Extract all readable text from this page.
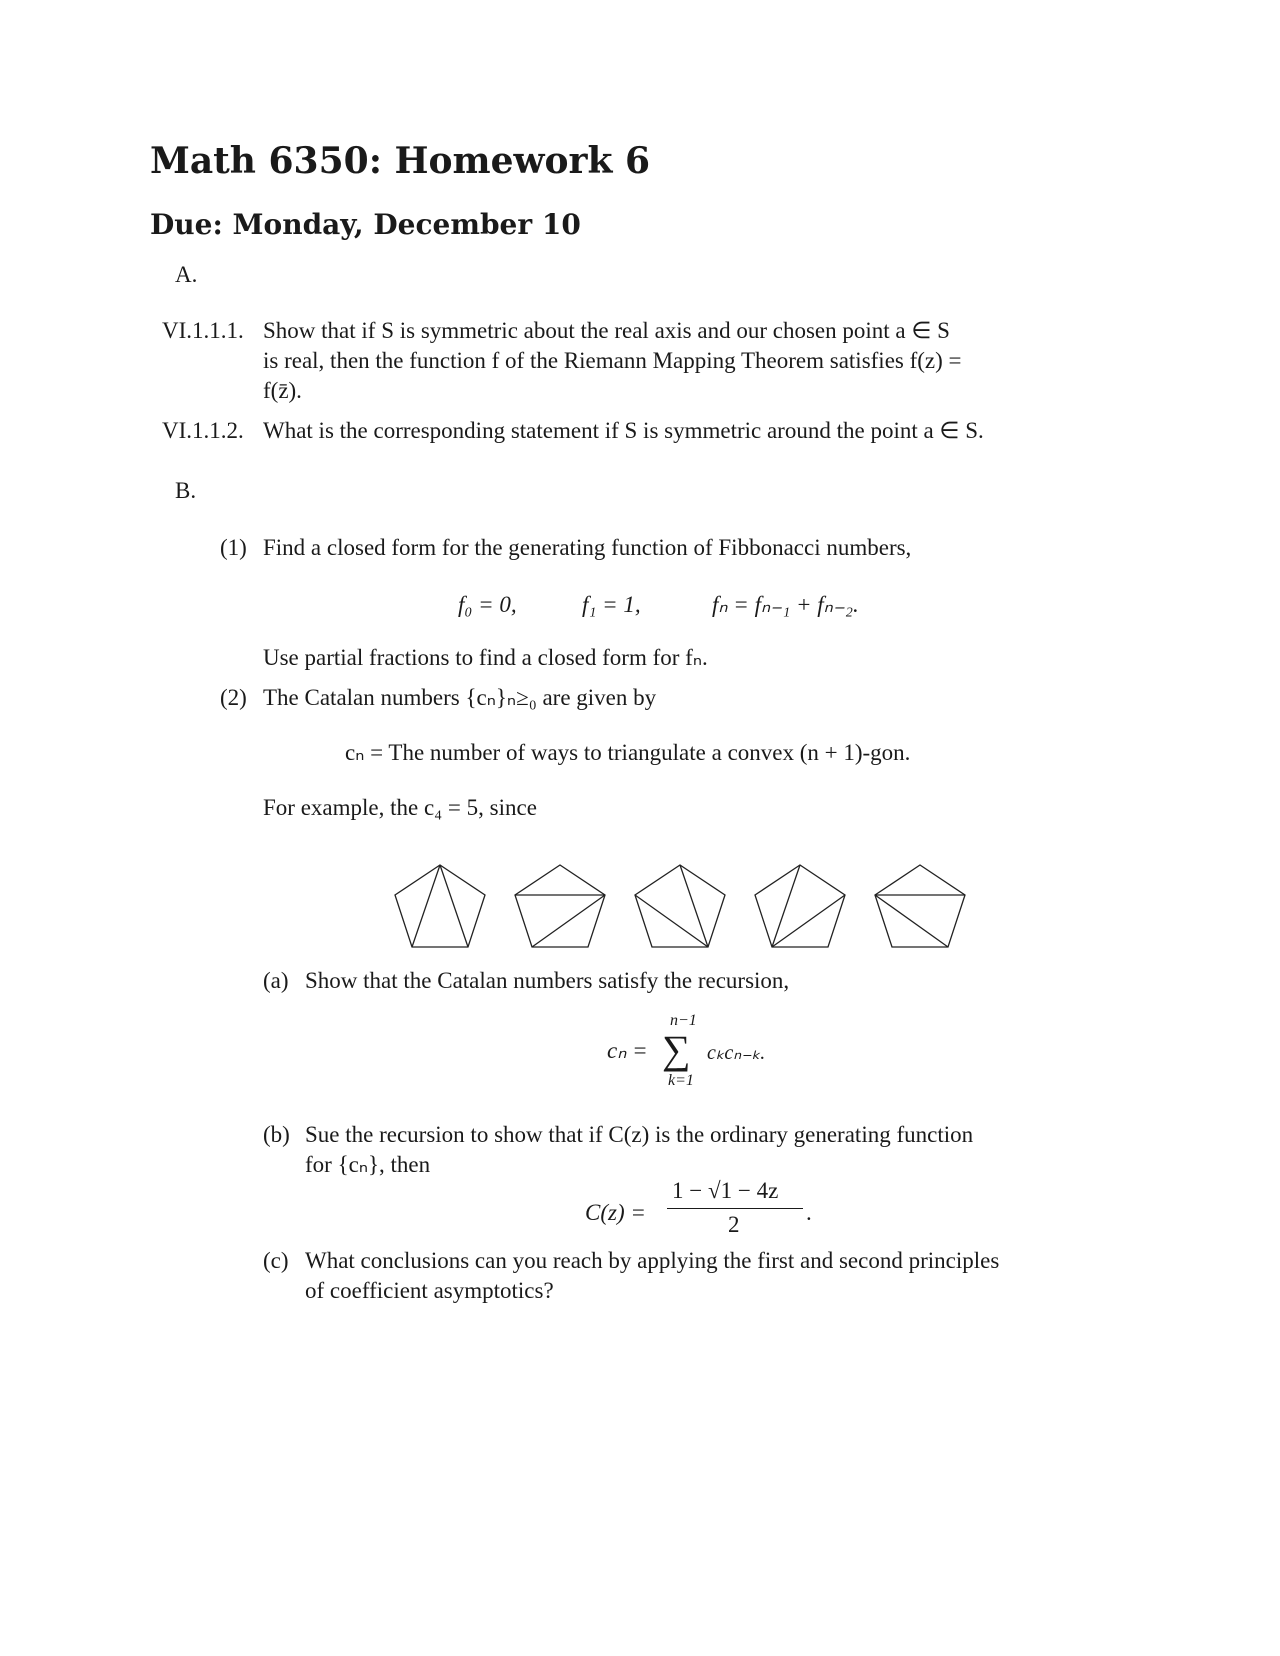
Math 6350: Homework 6
Due: Monday, December 10
A.
VI.1.1.1. Show that if S is symmetric about the real axis and our chosen point a ∈ S
is real, then the function f of the Riemann Mapping Theorem satisfies f(z) =
f(z̄).
VI.1.1.2. What is the corresponding statement if S is symmetric around the point a ∈ S.
B.
(1) Find a closed form for the generating function of Fibbonacci numbers,
f₀ = 0,	f₁ = 1,	fₙ = fₙ₋₁ + fₙ₋₂.
Use partial fractions to find a closed form for fₙ.
(2) The Catalan numbers {cₙ}ₙ≥₀ are given by
cₙ = The number of ways to triangulate a convex (n + 1)-gon.
For example, the c₄ = 5, since
(a) Show that the Catalan numbers satisfy the recursion,
n−1
cₙ = ∑ cₖcₙ₋ₖ.
k=1
(b) Sue the recursion to show that if C(z) is the ordinary generating function
for {cₙ}, then
C(z) =
1 − √1 − 4z
2	.
(c) What conclusions can you reach by applying the first and second principles
of coefficient asymptotics?
